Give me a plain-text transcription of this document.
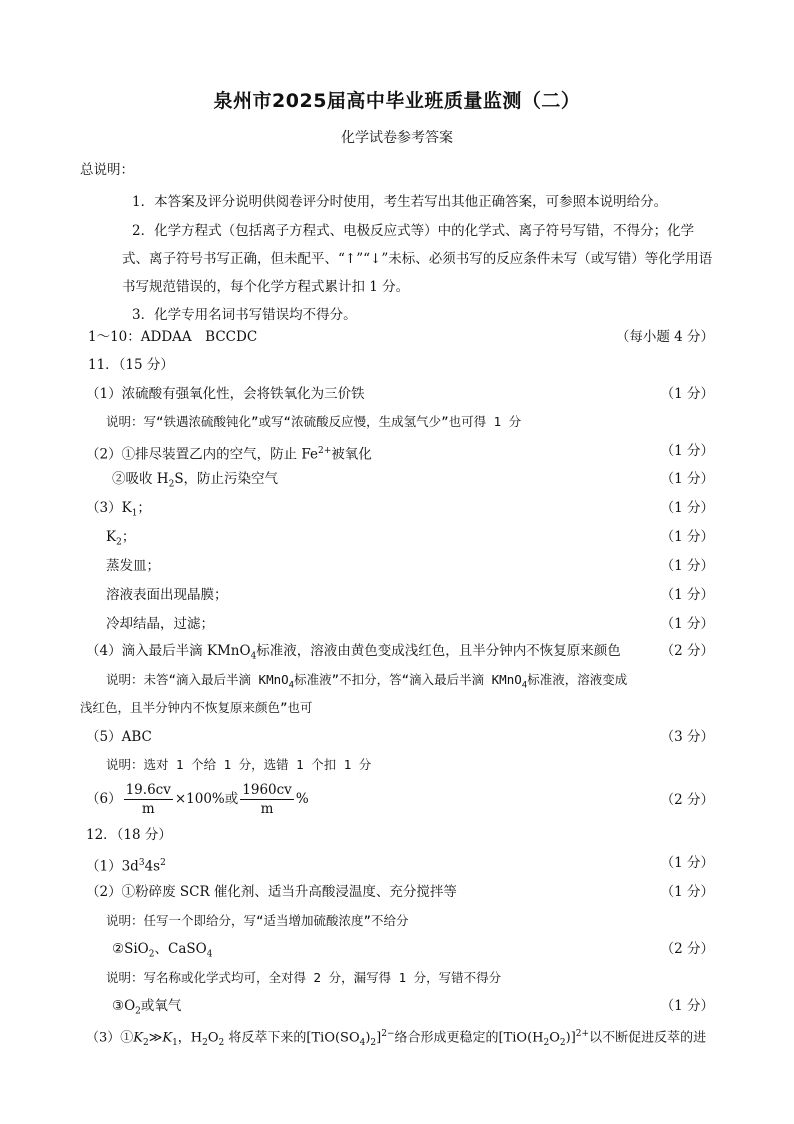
泉州市2025届高中毕业班质量监测（二）
化学试卷参考答案
总说明：
1．本答案及评分说明供阅卷评分时使用，考生若写出其他正确答案，可参照本说明给分。
2．化学方程式（包括离子方程式、电极反应式等）中的化学式、离子符号写错，不得分；化学
式、离子符号书写正确，但未配平、“↑”“↓”未标、必须书写的反应条件未写（或写错）等化学用语
书写规范错误的，每个化学方程式累计扣 1 分。
3．化学专用名词书写错误均不得分。
1～10：ADDAA　BCCDC	（每小题 4 分）
11．（15 分）
（1）浓硫酸有强氧化性，会将铁氧化为三价铁	（1 分）
说明：写“铁遇浓硫酸钝化”或写“浓硫酸反应慢，生成氢气少”也可得 1 分
（2）①排尽装置乙内的空气，防止 $Fe^{2+}$被氧化	（1 分）
②吸收 $H_2S$，防止污染空气	（1 分）
$(3)K_1$；	（1 分）
$K_2$；	（1 分）
蒸发皿；	（1 分）
溶液表面出现晶膜；	（1 分）
冷却结晶，过滤；	（1 分）
（4）滴入最后半滴 KMnO$_4$标准液，溶液由黄色变成浅红色，且半分钟内不恢复原来颜色	（2 分）
说明：未答“滴入最后半滴 KMnO$_4$标准液”不扣分，答“滴入最后半滴 KMnO$_4$标准液，溶液变成
浅红色，且半分钟内不恢复原来颜色”也可
（5）ABC	（3 分）
说明：选对 1 个给 1 分，选错 1 个扣 1 分
$(6) \frac{19.6cv}{m} \times 100\%$或 $\frac{1960cv}{m}$ %	（2 分）
12．（18 分）
$(1)3d^34s^2$	（1 分）
（2）①粉碎废 SCR 催化剂、适当升高酸浸温度、充分搅拌等	（1 分）
说明：任写一个即给分，写“适当增加硫酸浓度”不给分
②SiO$_2$、CaSO$_4$	（2 分）
说明：写名称或化学式均可，全对得 2 分，漏写得 1 分，写错不得分
$③O_2$或氧气	（1 分）
$(3)①K_2≫K_1$，$H_2O_2$ 将反萃下来的$[TiO(SO_4)_2]^{2-}$络合形成更稳定的$[TiO(H_2O_2)]^{2+}$以不断促进反萃的进
